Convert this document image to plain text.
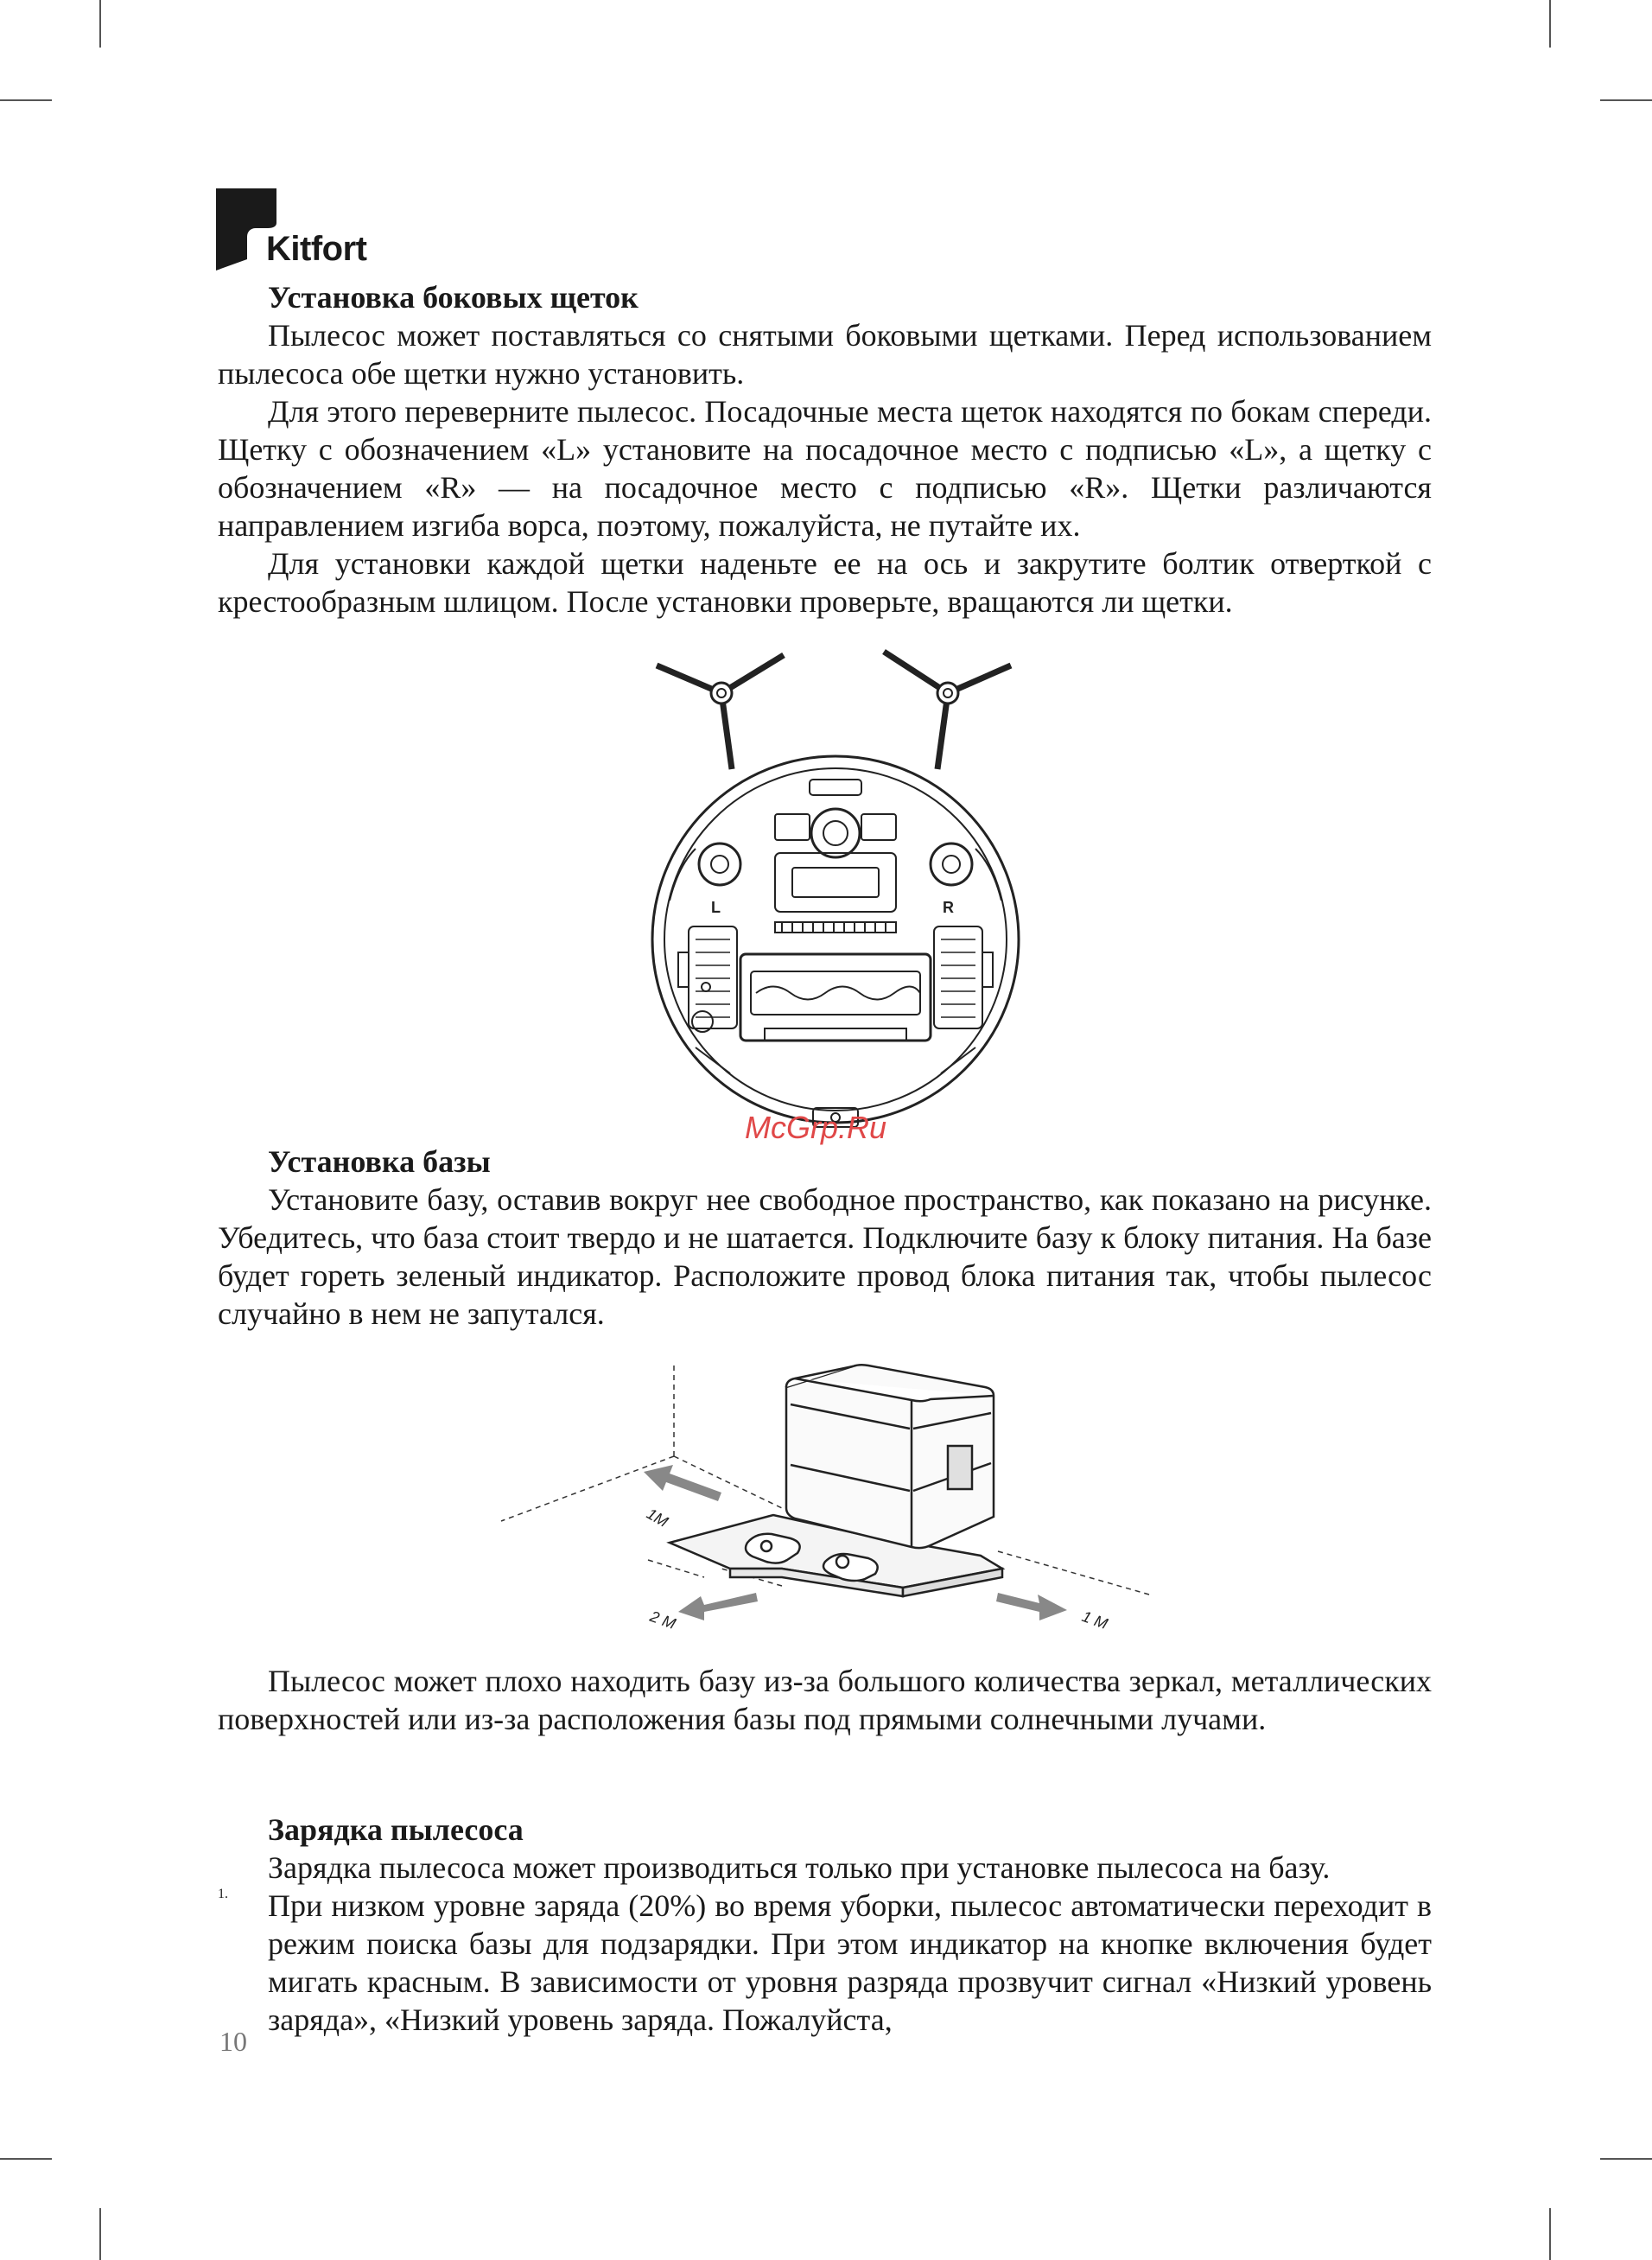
Kitfort

Установка боковых щеток

Пылесос может поставляться со снятыми боковыми щетками. Перед использованием пылесоса обе щетки нужно установить.

Для этого переверните пылесос. Посадочные места щеток находятся по бокам спереди. Щетку с обозначением «L» установите на посадочное место с подписью «L», а щетку с обозначением «R» — на посадочное место с подписью «R». Щетки различаются направлением изгиба ворса, поэтому, пожалуйста, не путайте их.

Для установки каждой щетки наденьте ее на ось и закрутите болтик отверткой с крестообразным шлицом. После установки проверьте, вращаются ли щетки.

L	R
McGrp.Ru

Установка базы

Установите базу, оставив вокруг нее свободное пространство, как показано на рисунке. Убедитесь, что база стоит твердо и не шатается. Подключите базу к блоку питания. На базе будет гореть зеленый индикатор. Расположите провод блока питания так, чтобы пылесос случайно в нем не запутался.

1M
2 M	1 M

Пылесос может плохо находить базу из-за большого количества зеркал, металлических поверхностей или из-за расположения базы под прямыми солнечными лучами.

Зарядка пылесоса

Зарядка пылесоса может производиться только при установке пылесоса на базу.

1. При низком уровне заряда (20%) во время уборки, пылесос автоматически переходит в режим поиска базы для подзарядки. При этом индикатор на кнопке включения будет мигать красным. В зависимости от уровня разряда прозвучит сигнал «Низкий уровень заряда», «Низкий уровень заряда. Пожалуйста,

10
